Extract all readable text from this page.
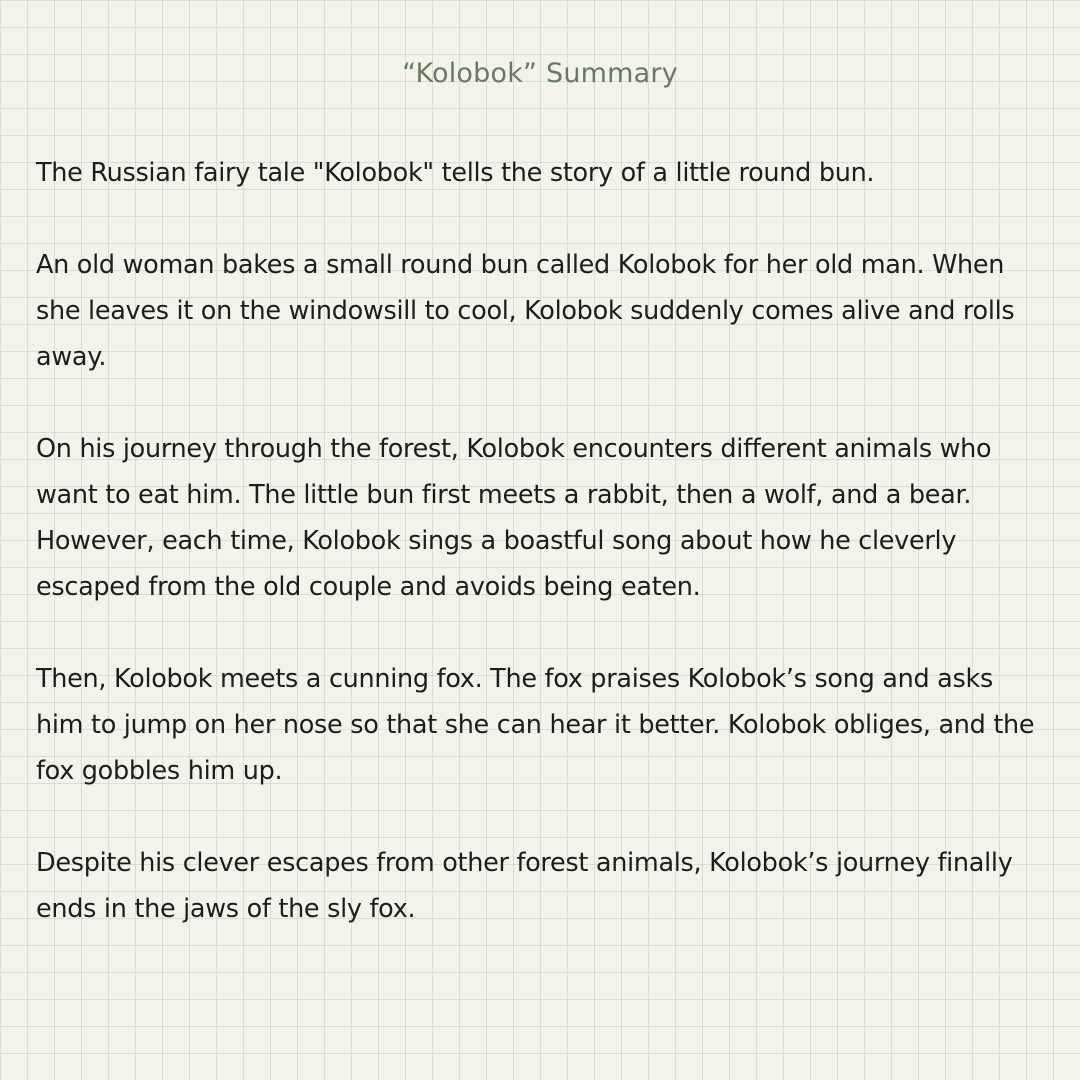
“Kolobok” Summary

The Russian fairy tale "Kolobok" tells the story of a little round bun.

An old woman bakes a small round bun called Kolobok for her old man. When she leaves it on the windowsill to cool, Kolobok suddenly comes alive and rolls away.

On his journey through the forest, Kolobok encounters different animals who want to eat him. The little bun first meets a rabbit, then a wolf, and a bear. However, each time, Kolobok sings a boastful song about how he cleverly escaped from the old couple and avoids being eaten.

Then, Kolobok meets a cunning fox. The fox praises Kolobok’s song and asks him to jump on her nose so that she can hear it better. Kolobok obliges, and the fox gobbles him up.

Despite his clever escapes from other forest animals, Kolobok’s journey finally ends in the jaws of the sly fox.
